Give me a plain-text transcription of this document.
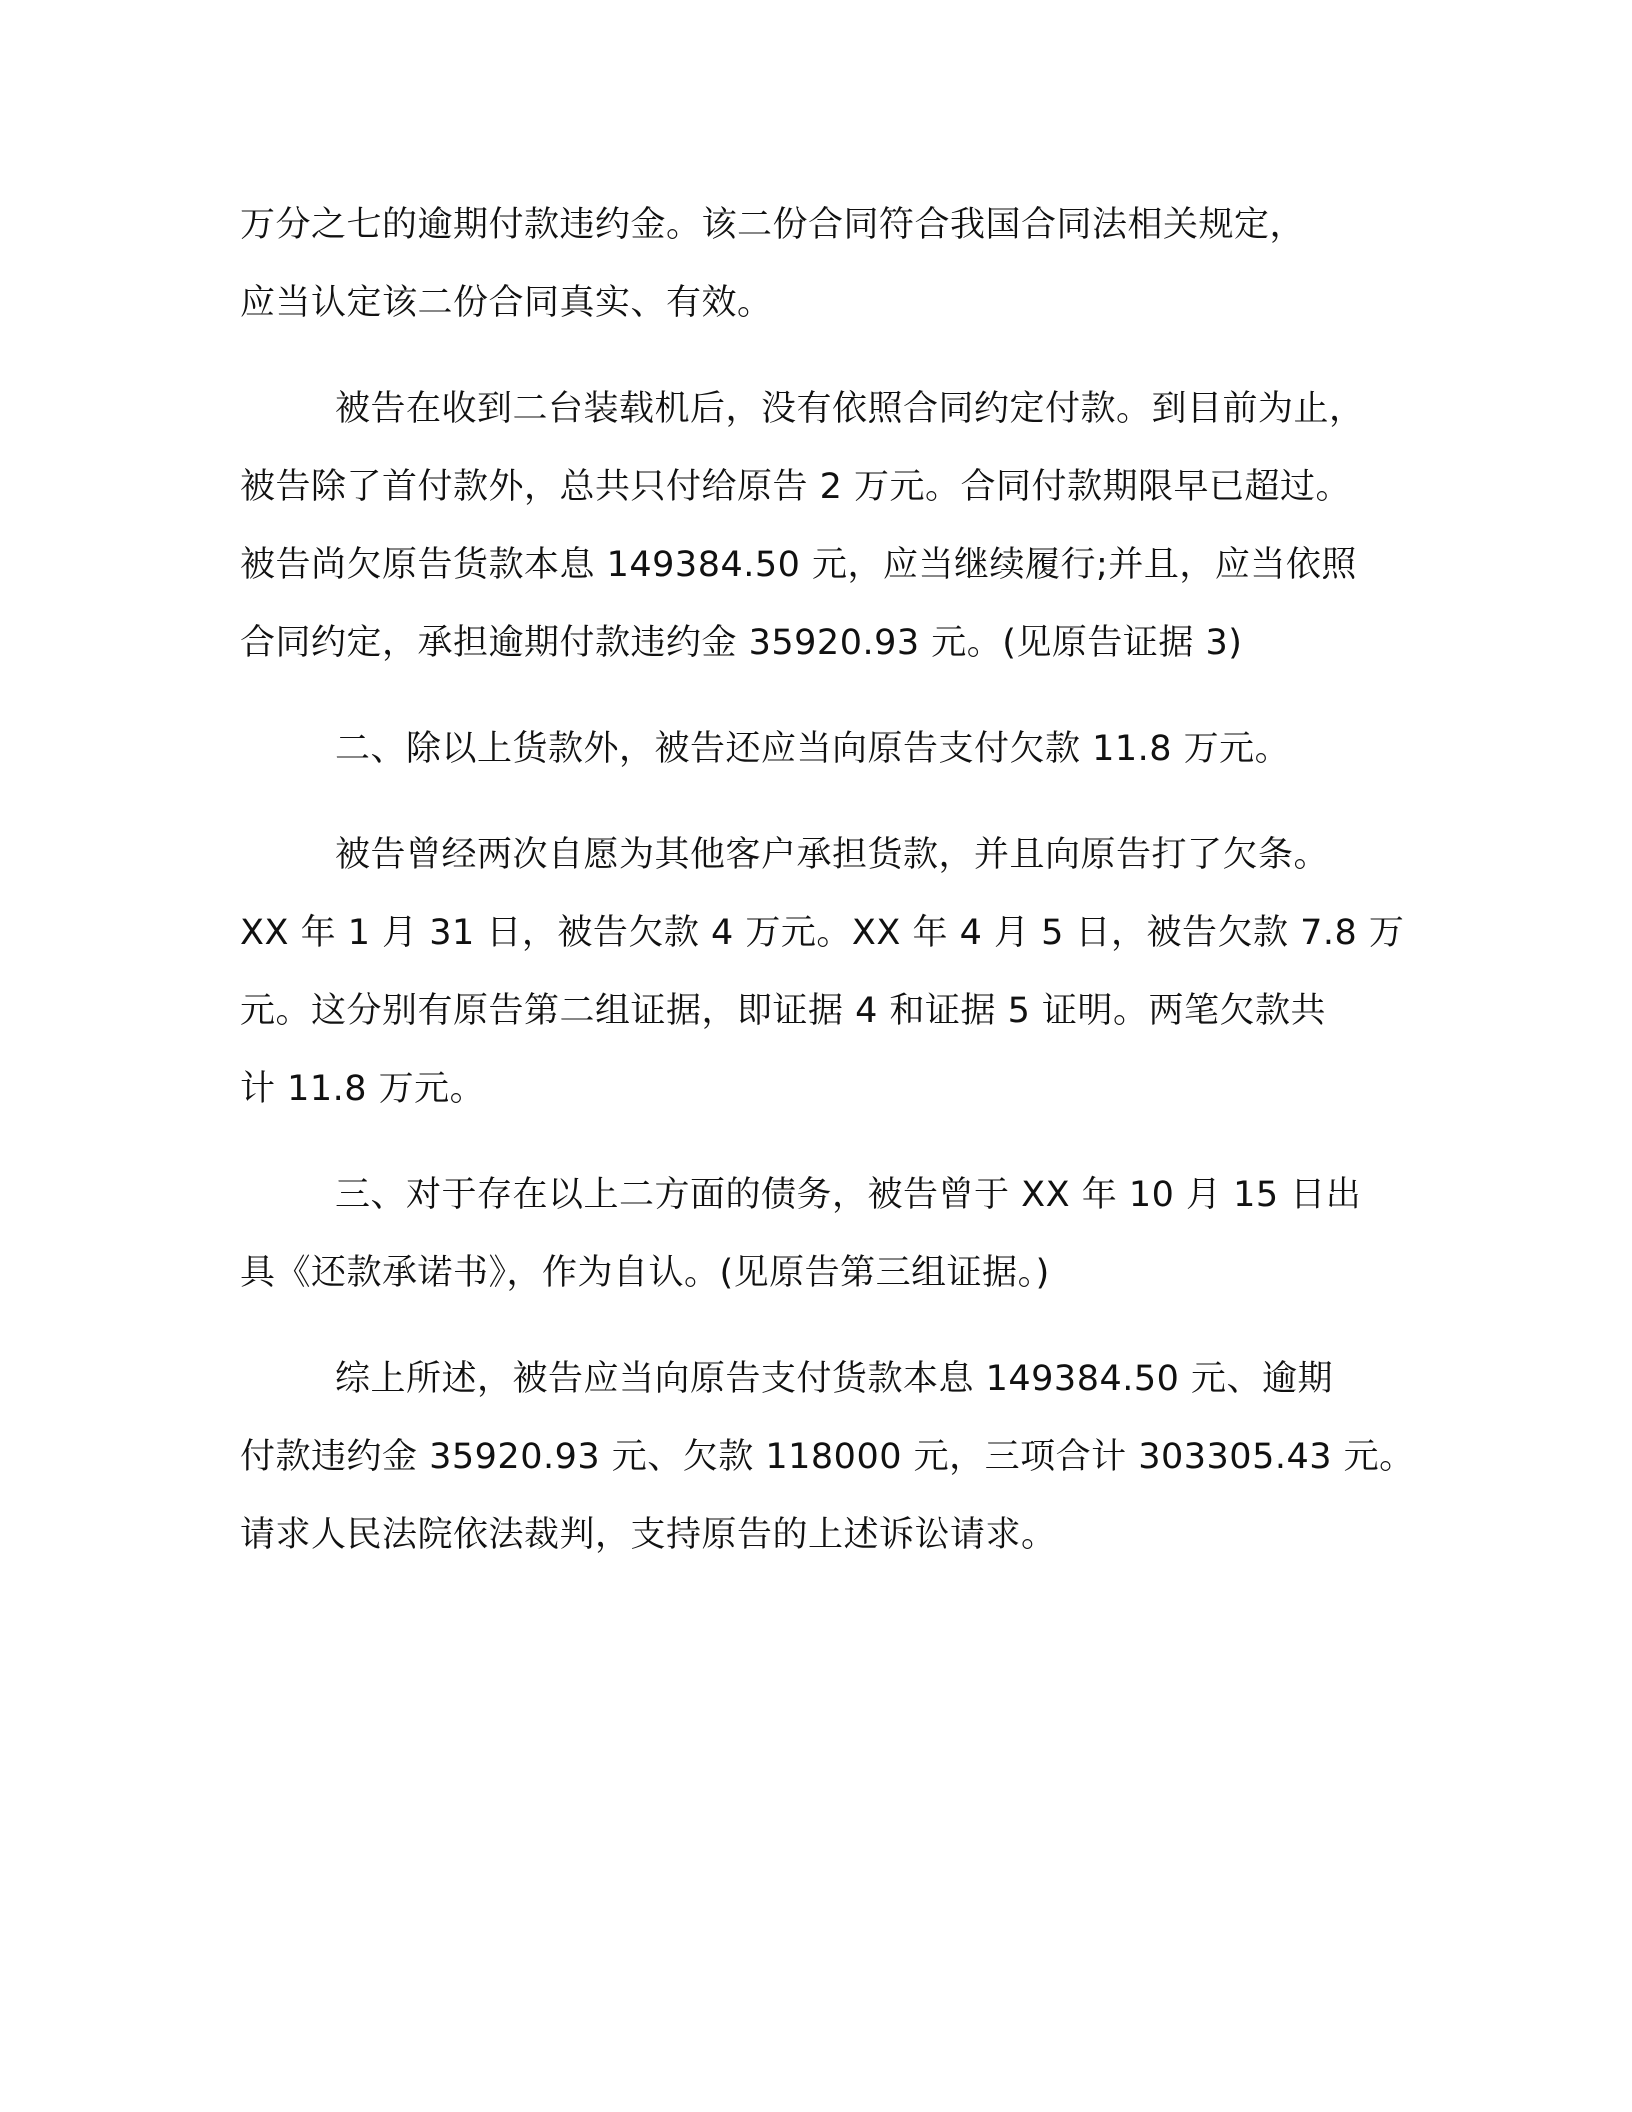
万分之七的逾期付款违约金。该二份合同符合我国合同法相关规定，
应当认定该二份合同真实、有效。
被告在收到二台装载机后，没有依照合同约定付款。到目前为止，
被告除了首付款外，总共只付给原告 2 万元。合同付款期限早已超过。
被告尚欠原告货款本息 149384.50 元，应当继续履行;并且，应当依照
合同约定，承担逾期付款违约金 35920.93 元。(见原告证据 3)
二、除以上货款外，被告还应当向原告支付欠款 11.8 万元。
被告曾经两次自愿为其他客户承担货款，并且向原告打了欠条。
XX 年 1 月 31 日，被告欠款 4 万元。XX 年 4 月 5 日，被告欠款 7.8 万
元。这分别有原告第二组证据，即证据 4 和证据 5 证明。两笔欠款共
计 11.8 万元。
三、对于存在以上二方面的债务，被告曾于 XX 年 10 月 15 日出
具《还款承诺书》，作为自认。(见原告第三组证据。)
综上所述，被告应当向原告支付货款本息 149384.50 元、逾期
付款违约金 35920.93 元、欠款 118000 元，三项合计 303305.43 元。
请求人民法院依法裁判，支持原告的上述诉讼请求。
